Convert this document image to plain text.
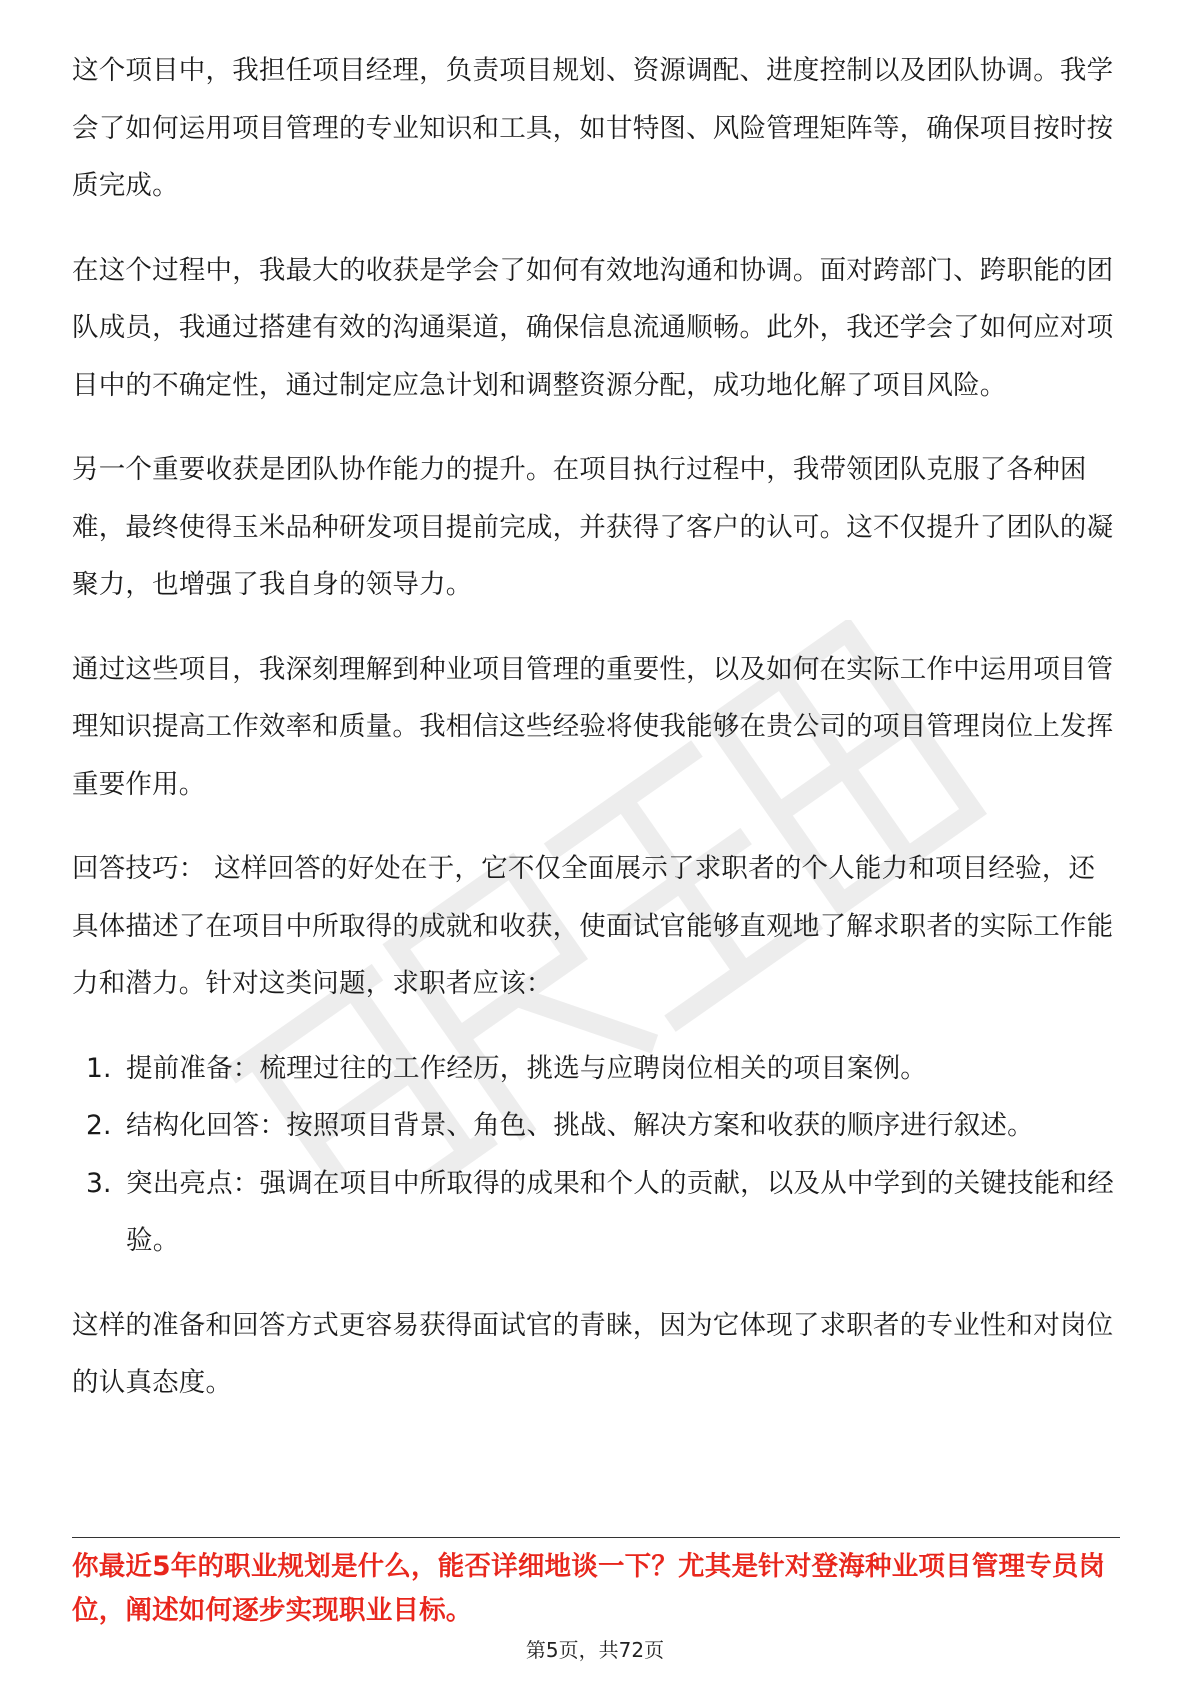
这个项目中，我担任项目经理，负责项目规划、资源调配、进度控制以及团队协调。我学会了如何运用项目管理的专业知识和工具，如甘特图、风险管理矩阵等，确保项目按时按质完成。

在这个过程中，我最大的收获是学会了如何有效地沟通和协调。面对跨部门、跨职能的团队成员，我通过搭建有效的沟通渠道，确保信息流通顺畅。此外，我还学会了如何应对项目中的不确定性，通过制定应急计划和调整资源分配，成功地化解了项目风险。

另一个重要收获是团队协作能力的提升。在项目执行过程中，我带领团队克服了各种困难，最终使得玉米品种研发项目提前完成，并获得了客户的认可。这不仅提升了团队的凝聚力，也增强了我自身的领导力。

通过这些项目，我深刻理解到种业项目管理的重要性，以及如何在实际工作中运用项目管理知识提高工作效率和质量。我相信这些经验将使我能够在贵公司的项目管理岗位上发挥重要作用。

回答技巧： 这样回答的好处在于，它不仅全面展示了求职者的个人能力和项目经验，还具体描述了在项目中所取得的成就和收获，使面试官能够直观地了解求职者的实际工作能力和潜力。针对这类问题，求职者应该：

1. 提前准备：梳理过往的工作经历，挑选与应聘岗位相关的项目案例。
2. 结构化回答：按照项目背景、角色、挑战、解决方案和收获的顺序进行叙述。
3. 突出亮点：强调在项目中所取得的成果和个人的贡献，以及从中学到的关键技能和经验。

这样的准备和回答方式更容易获得面试官的青睐，因为它体现了求职者的专业性和对岗位的认真态度。

你最近5年的职业规划是什么，能否详细地谈一下？尤其是针对登海种业项目管理专员岗位，阐述如何逐步实现职业目标。
第5页，共72页
